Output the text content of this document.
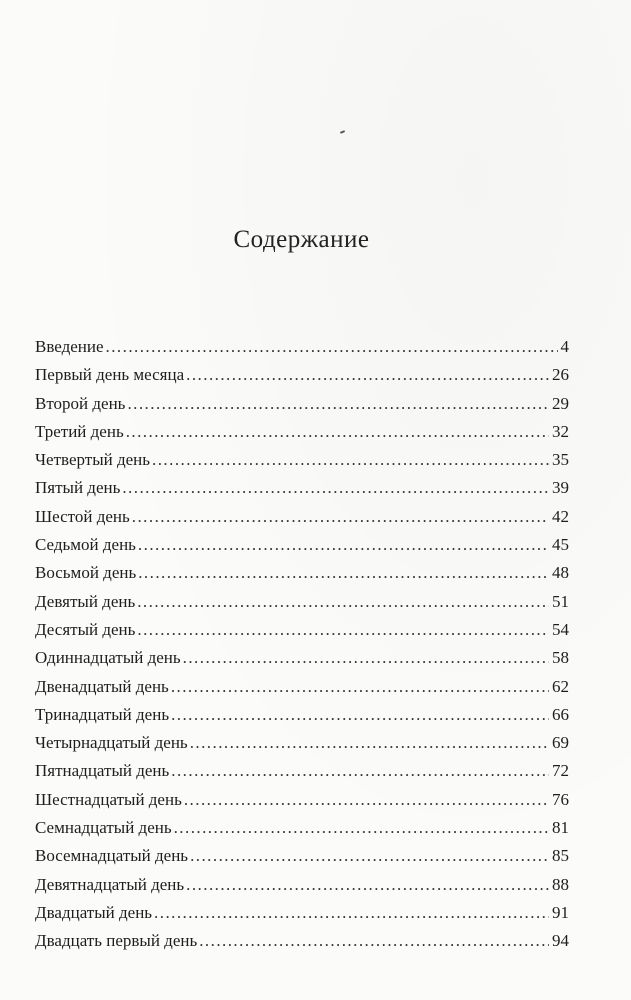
Содержание
Введение . . .	4
Первый день месяца . . .	26
Второй день . . .	29
Третий день . . .	32
Четвертый день . . .	35
Пятый день . . .	39
Шестой день . . .	42
Седьмой день . . .	45
Восьмой день . . .	48
Девятый день . . .	51
Десятый день . . .	54
Одиннадцатый день . . .	58
Двенадцатый день . . .	62
Тринадцатый день . . .	66
Четырнадцатый день . . .	69
Пятнадцатый день . . .	72
Шестнадцатый день . . .	76
Семнадцатый день . . .	81
Восемнадцатый день . . .	85
Девятнадцатый день . . .	88
Двадцатый день . . .	91
Двадцать первый день . . .	94
